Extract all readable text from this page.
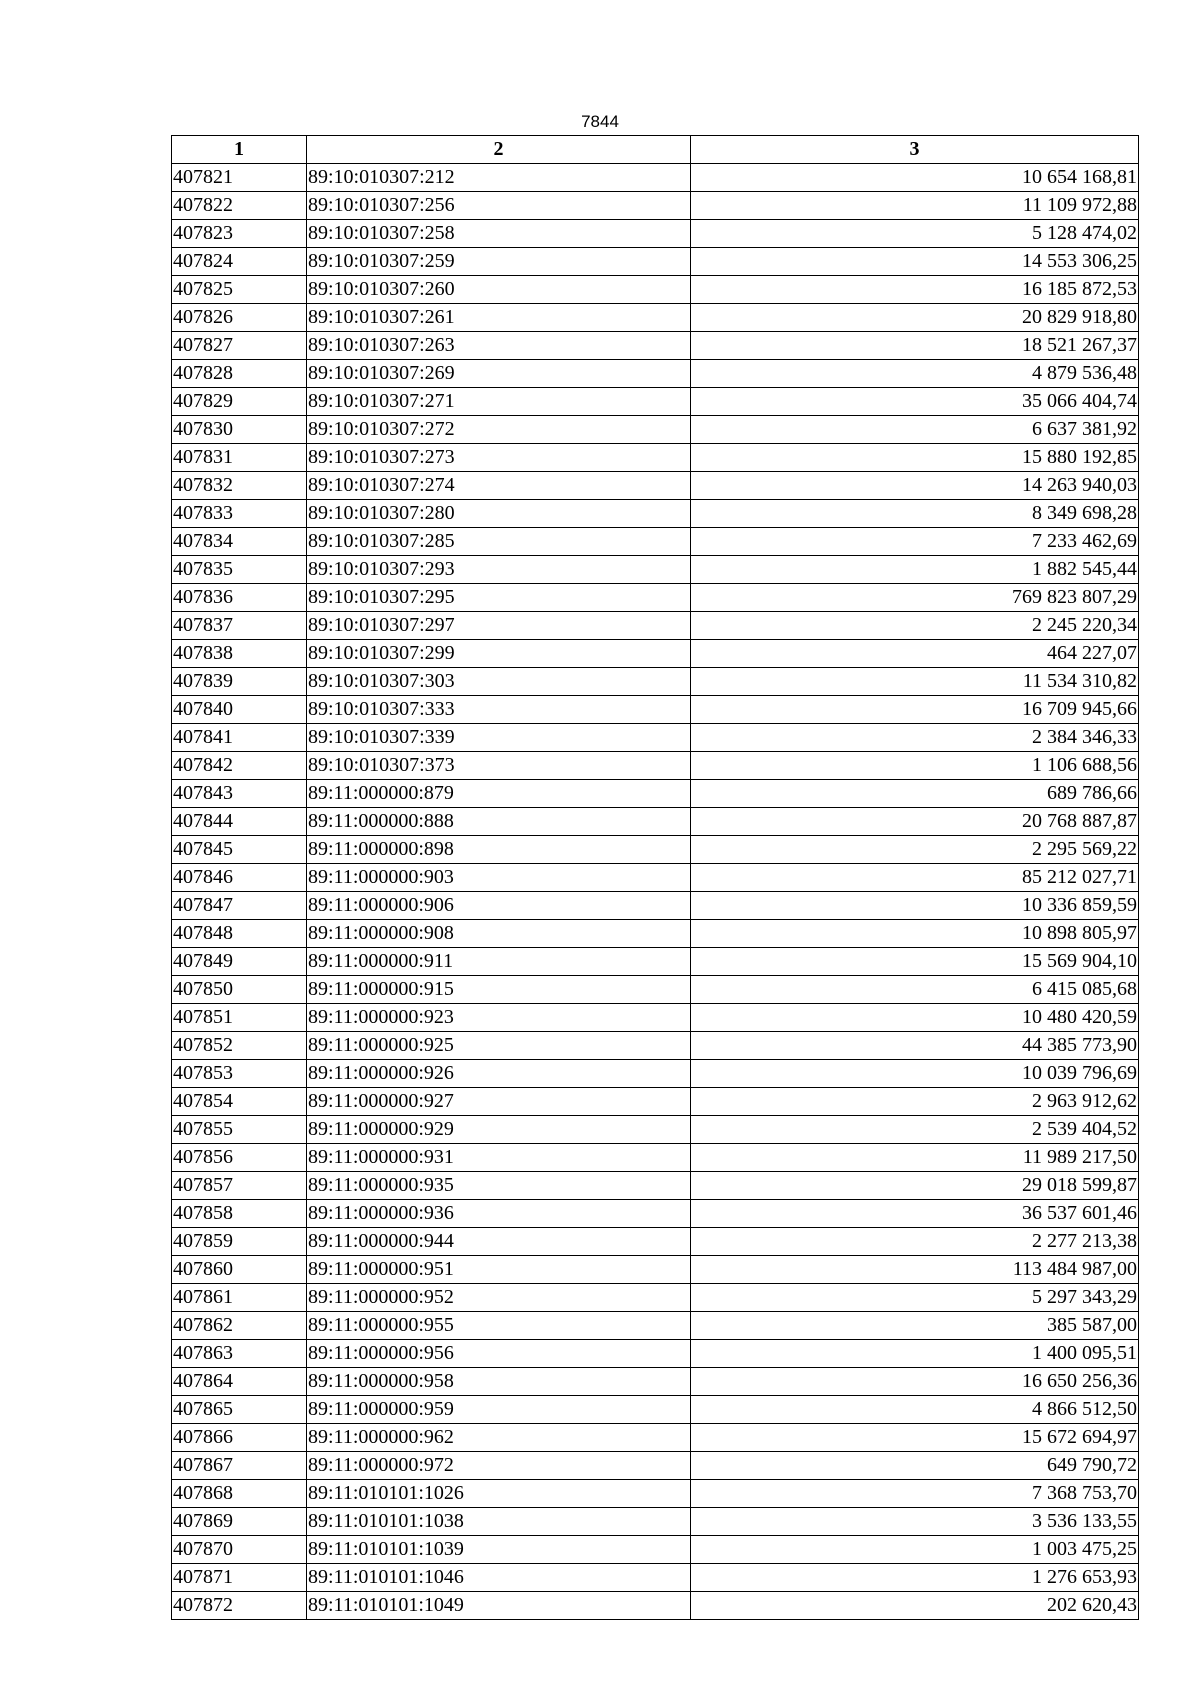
7844
1	2	3
407821	89:10:010307:212	10 654 168,81
407822	89:10:010307:256	11 109 972,88
407823	89:10:010307:258	5 128 474,02
407824	89:10:010307:259	14 553 306,25
407825	89:10:010307:260	16 185 872,53
407826	89:10:010307:261	20 829 918,80
407827	89:10:010307:263	18 521 267,37
407828	89:10:010307:269	4 879 536,48
407829	89:10:010307:271	35 066 404,74
407830	89:10:010307:272	6 637 381,92
407831	89:10:010307:273	15 880 192,85
407832	89:10:010307:274	14 263 940,03
407833	89:10:010307:280	8 349 698,28
407834	89:10:010307:285	7 233 462,69
407835	89:10:010307:293	1 882 545,44
407836	89:10:010307:295	769 823 807,29
407837	89:10:010307:297	2 245 220,34
407838	89:10:010307:299	464 227,07
407839	89:10:010307:303	11 534 310,82
407840	89:10:010307:333	16 709 945,66
407841	89:10:010307:339	2 384 346,33
407842	89:10:010307:373	1 106 688,56
407843	89:11:000000:879	689 786,66
407844	89:11:000000:888	20 768 887,87
407845	89:11:000000:898	2 295 569,22
407846	89:11:000000:903	85 212 027,71
407847	89:11:000000:906	10 336 859,59
407848	89:11:000000:908	10 898 805,97
407849	89:11:000000:911	15 569 904,10
407850	89:11:000000:915	6 415 085,68
407851	89:11:000000:923	10 480 420,59
407852	89:11:000000:925	44 385 773,90
407853	89:11:000000:926	10 039 796,69
407854	89:11:000000:927	2 963 912,62
407855	89:11:000000:929	2 539 404,52
407856	89:11:000000:931	11 989 217,50
407857	89:11:000000:935	29 018 599,87
407858	89:11:000000:936	36 537 601,46
407859	89:11:000000:944	2 277 213,38
407860	89:11:000000:951	113 484 987,00
407861	89:11:000000:952	5 297 343,29
407862	89:11:000000:955	385 587,00
407863	89:11:000000:956	1 400 095,51
407864	89:11:000000:958	16 650 256,36
407865	89:11:000000:959	4 866 512,50
407866	89:11:000000:962	15 672 694,97
407867	89:11:000000:972	649 790,72
407868	89:11:010101:1026	7 368 753,70
407869	89:11:010101:1038	3 536 133,55
407870	89:11:010101:1039	1 003 475,25
407871	89:11:010101:1046	1 276 653,93
407872	89:11:010101:1049	202 620,43
